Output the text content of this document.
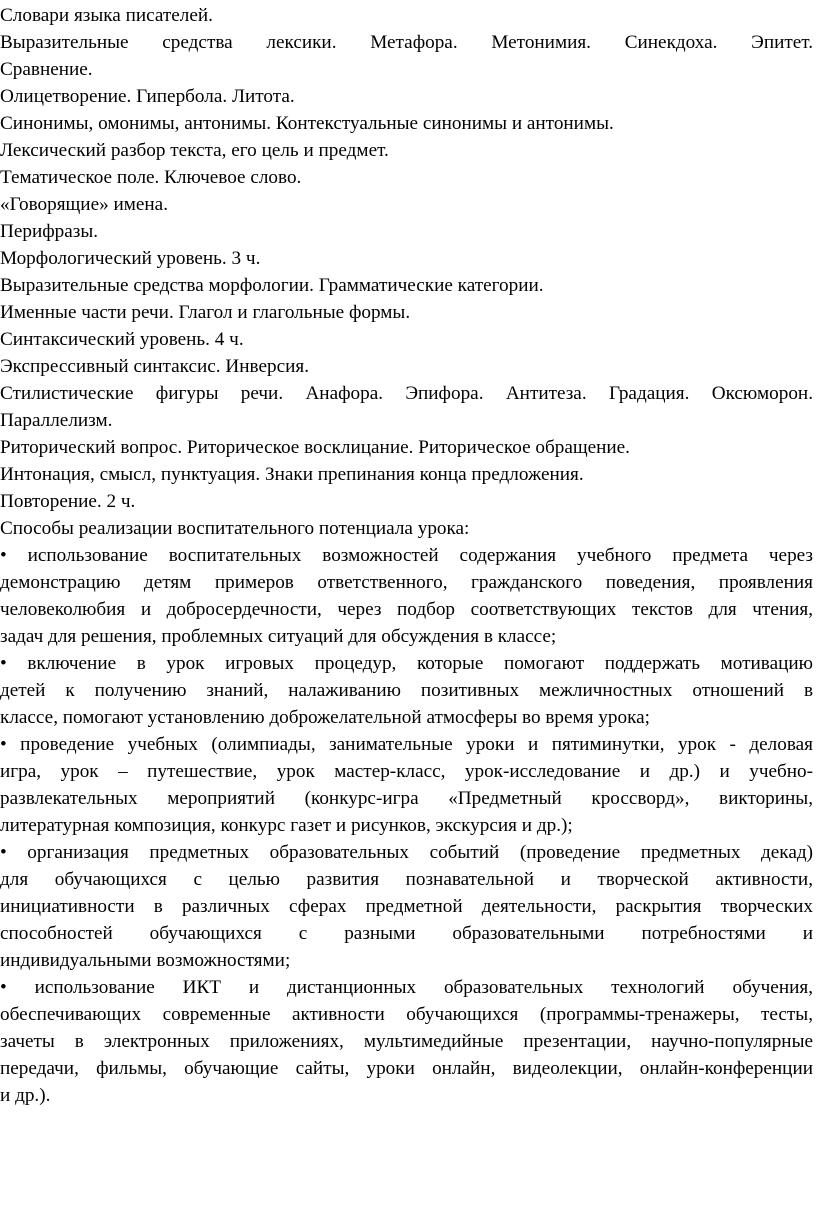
Словари языка писателей.

Выразительные средства лексики. Метафора. Метонимия. Синекдоха. Эпитет.

Сравнение.

Олицетворение. Гипербола. Литота.

Синонимы, омонимы, антонимы. Контекстуальные синонимы и антонимы.

Лексический разбор текста, его цель и предмет.

Тематическое поле. Ключевое слово.

«Говорящие» имена.

Перифразы.

Морфологический уровень. 3 ч.

Выразительные средства морфологии. Грамматические категории.

Именные части речи. Глагол и глагольные формы.

Синтаксический уровень. 4 ч.

Экспрессивный синтаксис. Инверсия.

Стилистические фигуры речи. Анафора. Эпифора. Антитеза. Градация. Оксюморон.

Параллелизм.

Риторический вопрос. Риторическое восклицание. Риторическое обращение.

Интонация, смысл, пунктуация. Знаки препинания конца предложения.

Повторение. 2 ч.

Способы реализации воспитательного потенциала урока:

• использование воспитательных возможностей содержания учебного предмета через

демонстрацию детям примеров ответственного, гражданского поведения, проявления

человеколюбия и добросердечности, через подбор соответствующих текстов для чтения,

задач для решения, проблемных ситуаций для обсуждения в классе;

• включение в урок игровых процедур, которые помогают поддержать мотивацию

детей к получению знаний, налаживанию позитивных межличностных отношений в

классе, помогают установлению доброжелательной атмосферы во время урока;

• проведение учебных (олимпиады, занимательные уроки и пятиминутки, урок - деловая

игра, урок – путешествие, урок мастер-класс, урок-исследование и др.) и учебно-

развлекательных мероприятий (конкурс-игра «Предметный кроссворд», викторины,

литературная композиция, конкурс газет и рисунков, экскурсия и др.);

• организация предметных образовательных событий (проведение предметных декад)

для обучающихся с целью развития познавательной и творческой активности,

инициативности в различных сферах предметной деятельности, раскрытия творческих

способностей обучающихся с разными образовательными потребностями и

индивидуальными возможностями;

• использование ИКТ и дистанционных образовательных технологий обучения,

обеспечивающих современные активности обучающихся (программы-тренажеры, тесты,

зачеты в электронных приложениях, мультимедийные презентации, научно-популярные

передачи, фильмы, обучающие сайты, уроки онлайн, видеолекции, онлайн-конференции

и др.).
